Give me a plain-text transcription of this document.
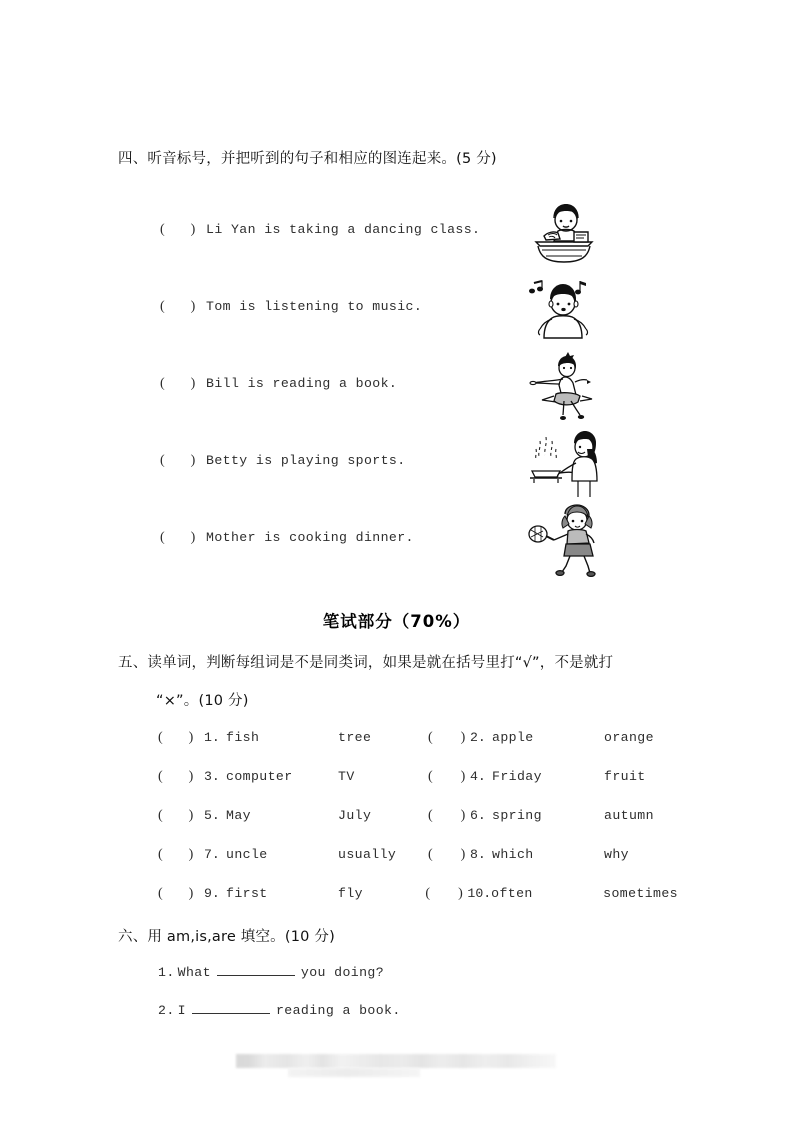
四、听音标号，并把听到的句子和相应的图连起来。(5 分)
( ) Li Yan is taking a dancing class.
( ) Tom is listening to music.
( ) Bill is reading a book.
( ) Betty is playing sports.
( ) Mother is cooking dinner.
笔试部分（70%）
五、读单词，判断每组词是不是同类词，如果是就在括号里打“√”，不是就打
“×”。(10 分)
( ) 1. fish	tree	( ) 2. apple	orange
( ) 3. computer	TV	( ) 4. Friday	fruit
( ) 5. May	July	( ) 6. spring	autumn
( ) 7. uncle	usually ( ) 8. which	why
( ) 9. first	fly	( ) 10. often	sometimes
六、用 am,is,are 填空。(10 分)
1. What	you doing?
2. I	reading a book.
